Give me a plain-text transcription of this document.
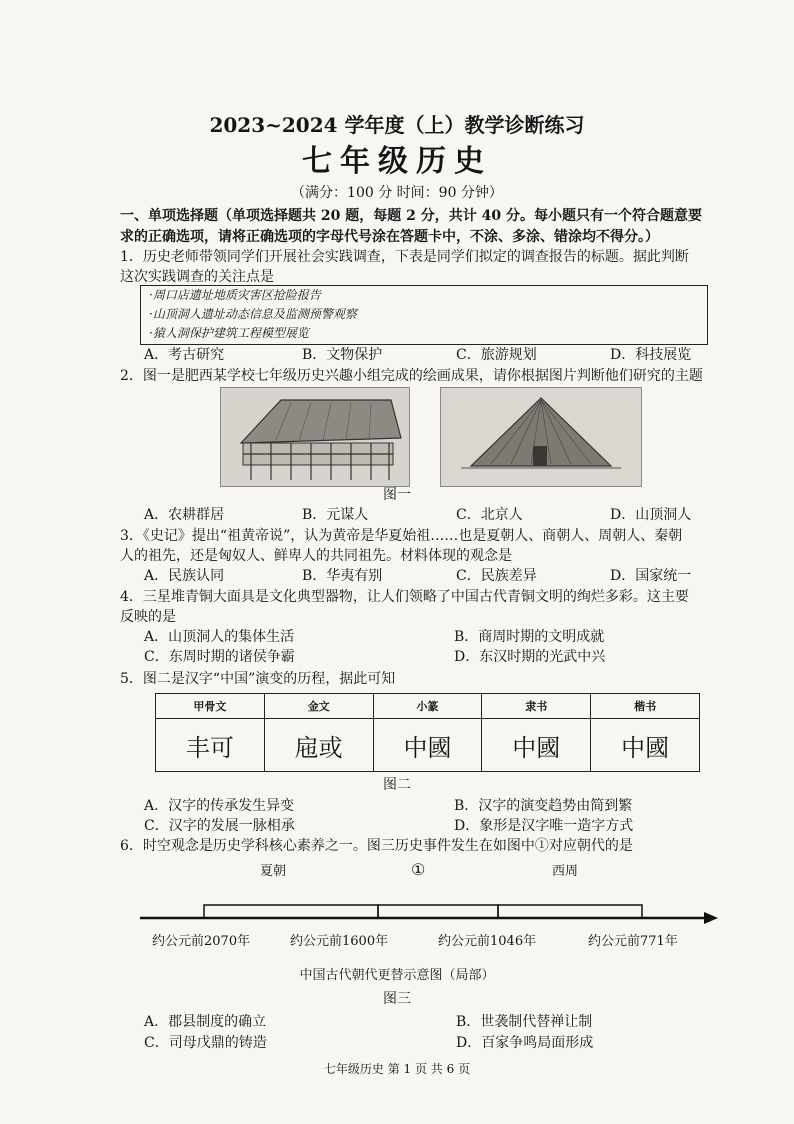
2023~2024 学年度（上）教学诊断练习
七年级历史
（满分：100 分 时间：90 分钟）
一、单项选择题（单项选择题共 20 题，每题 2 分，共计 40 分。每小题只有一个符合题意要
求的正确选项，请将正确选项的字母代号涂在答题卡中，不涂、多涂、错涂均不得分。）
1．历史老师带领同学们开展社会实践调查，下表是同学们拟定的调查报告的标题。据此判断
这次实践调查的关注点是
·周口店遗址地质灾害区抢险报告
·山顶洞人遗址动态信息及监测预警观察
·猿人洞保护建筑工程模型展览
A．考古研究	B．文物保护	C．旅游规划	D．科技展览
2．图一是肥西某学校七年级历史兴趣小组完成的绘画成果，请你根据图片判断他们研究的主题
图一
A．农耕群居	B．元谋人	C．北京人	D．山顶洞人
3．《史记》提出“祖黄帝说”，认为黄帝是华夏始祖……也是夏朝人、商朝人、周朝人、秦朝
人的祖先，还是匈奴人、鲜卑人的共同祖先。材料体现的观念是
A．民族认同	B．华夷有别	C．民族差异	D．国家统一
4．三星堆青铜大面具是文化典型器物，让人们领略了中国古代青铜文明的绚烂多彩。这主要
反映的是
A．山顶洞人的集体生活	B．商周时期的文明成就
C．东周时期的诸侯争霸	D．东汉时期的光武中兴
5．图二是汉字“中国”演变的历程，据此可知
甲骨文	金文	小篆	隶书	楷书
丰可	㦾或	中國	中國	中國
图二
A．汉字的传承发生异变	B．汉字的演变趋势由简到繁
C．汉字的发展一脉相承	D．象形是汉字唯一造字方式
6．时空观念是历史学科核心素养之一。图三历史事件发生在如图中①对应朝代的是
夏朝	①	西周
约公元前2070年	约公元前1600年	约公元前1046年	约公元前771年
中国古代朝代更替示意图（局部）
图三
A．郡县制度的确立	B．世袭制代替禅让制
C．司母戊鼎的铸造	D．百家争鸣局面形成
七年级历史 第 1 页 共 6 页
